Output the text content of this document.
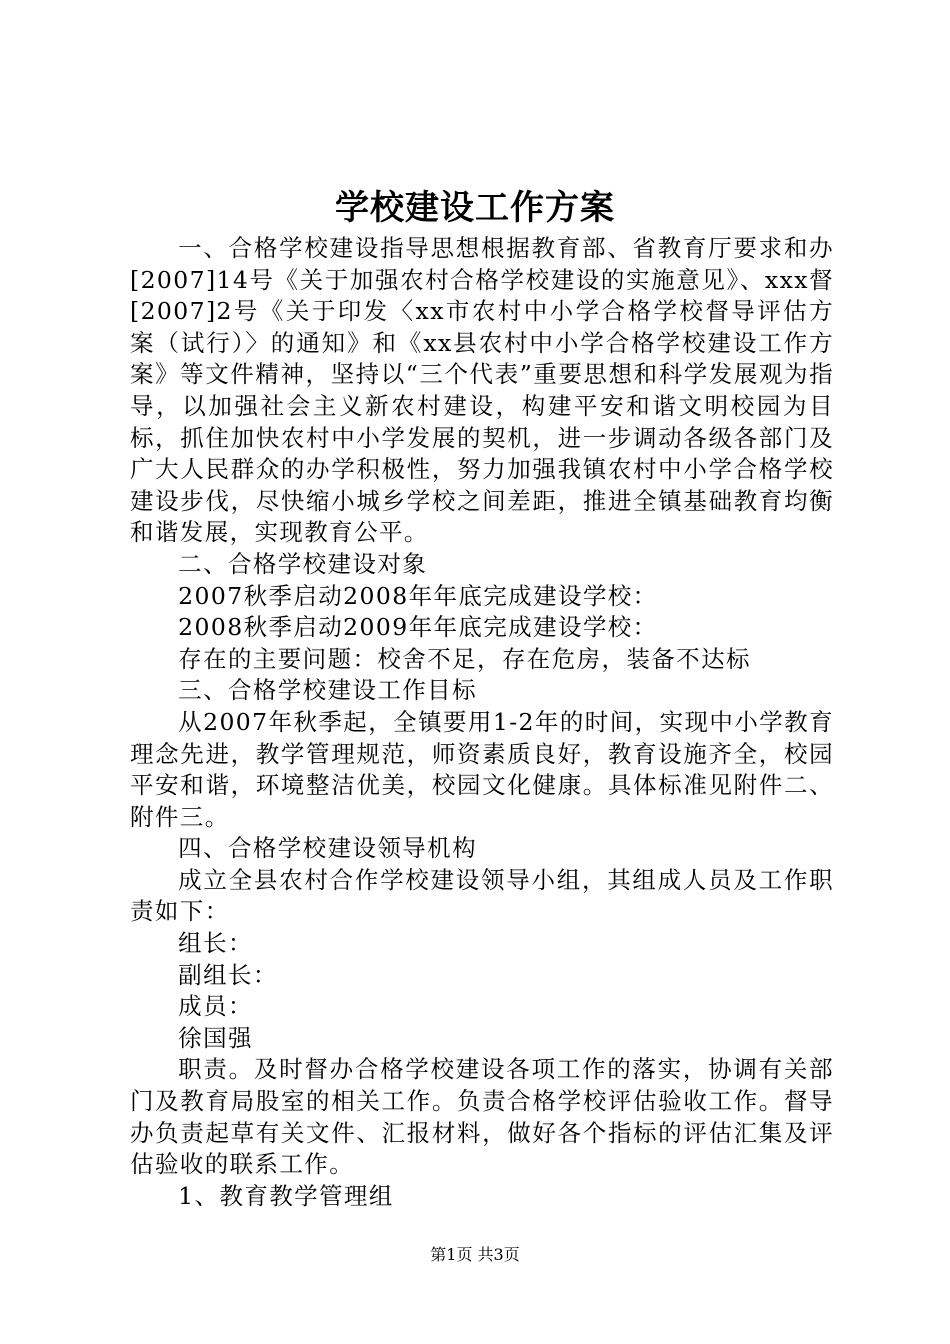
学校建设工作方案

一、合格学校建设指导思想根据教育部、省教育厅要求和办[2007]14号《关于加强农村合格学校建设的实施意见》、xxx督[2007]2号《关于印发〈xx市农村中小学合格学校督导评估方案（试行）〉的通知》和《xx县农村中小学合格学校建设工作方案》等文件精神，坚持以“三个代表”重要思想和科学发展观为指导，以加强社会主义新农村建设，构建平安和谐文明校园为目标，抓住加快农村中小学发展的契机，进一步调动各级各部门及广大人民群众的办学积极性，努力加强我镇农村中小学合格学校建设步伐，尽快缩小城乡学校之间差距，推进全镇基础教育均衡和谐发展，实现教育公平。

二、合格学校建设对象

2007秋季启动2008年年底完成建设学校：

2008秋季启动2009年年底完成建设学校：

存在的主要问题：校舍不足，存在危房，装备不达标

三、合格学校建设工作目标

从2007年秋季起，全镇要用1-2年的时间，实现中小学教育理念先进，教学管理规范，师资素质良好，教育设施齐全，校园平安和谐，环境整洁优美，校园文化健康。具体标准见附件二、附件三。

四、合格学校建设领导机构

成立全县农村合作学校建设领导小组，其组成人员及工作职责如下：

组长：

副组长：

成员：

徐国强

职责。及时督办合格学校建设各项工作的落实，协调有关部门及教育局股室的相关工作。负责合格学校评估验收工作。督导办负责起草有关文件、汇报材料，做好各个指标的评估汇集及评估验收的联系工作。

1、教育教学管理组

第1页 共3页
